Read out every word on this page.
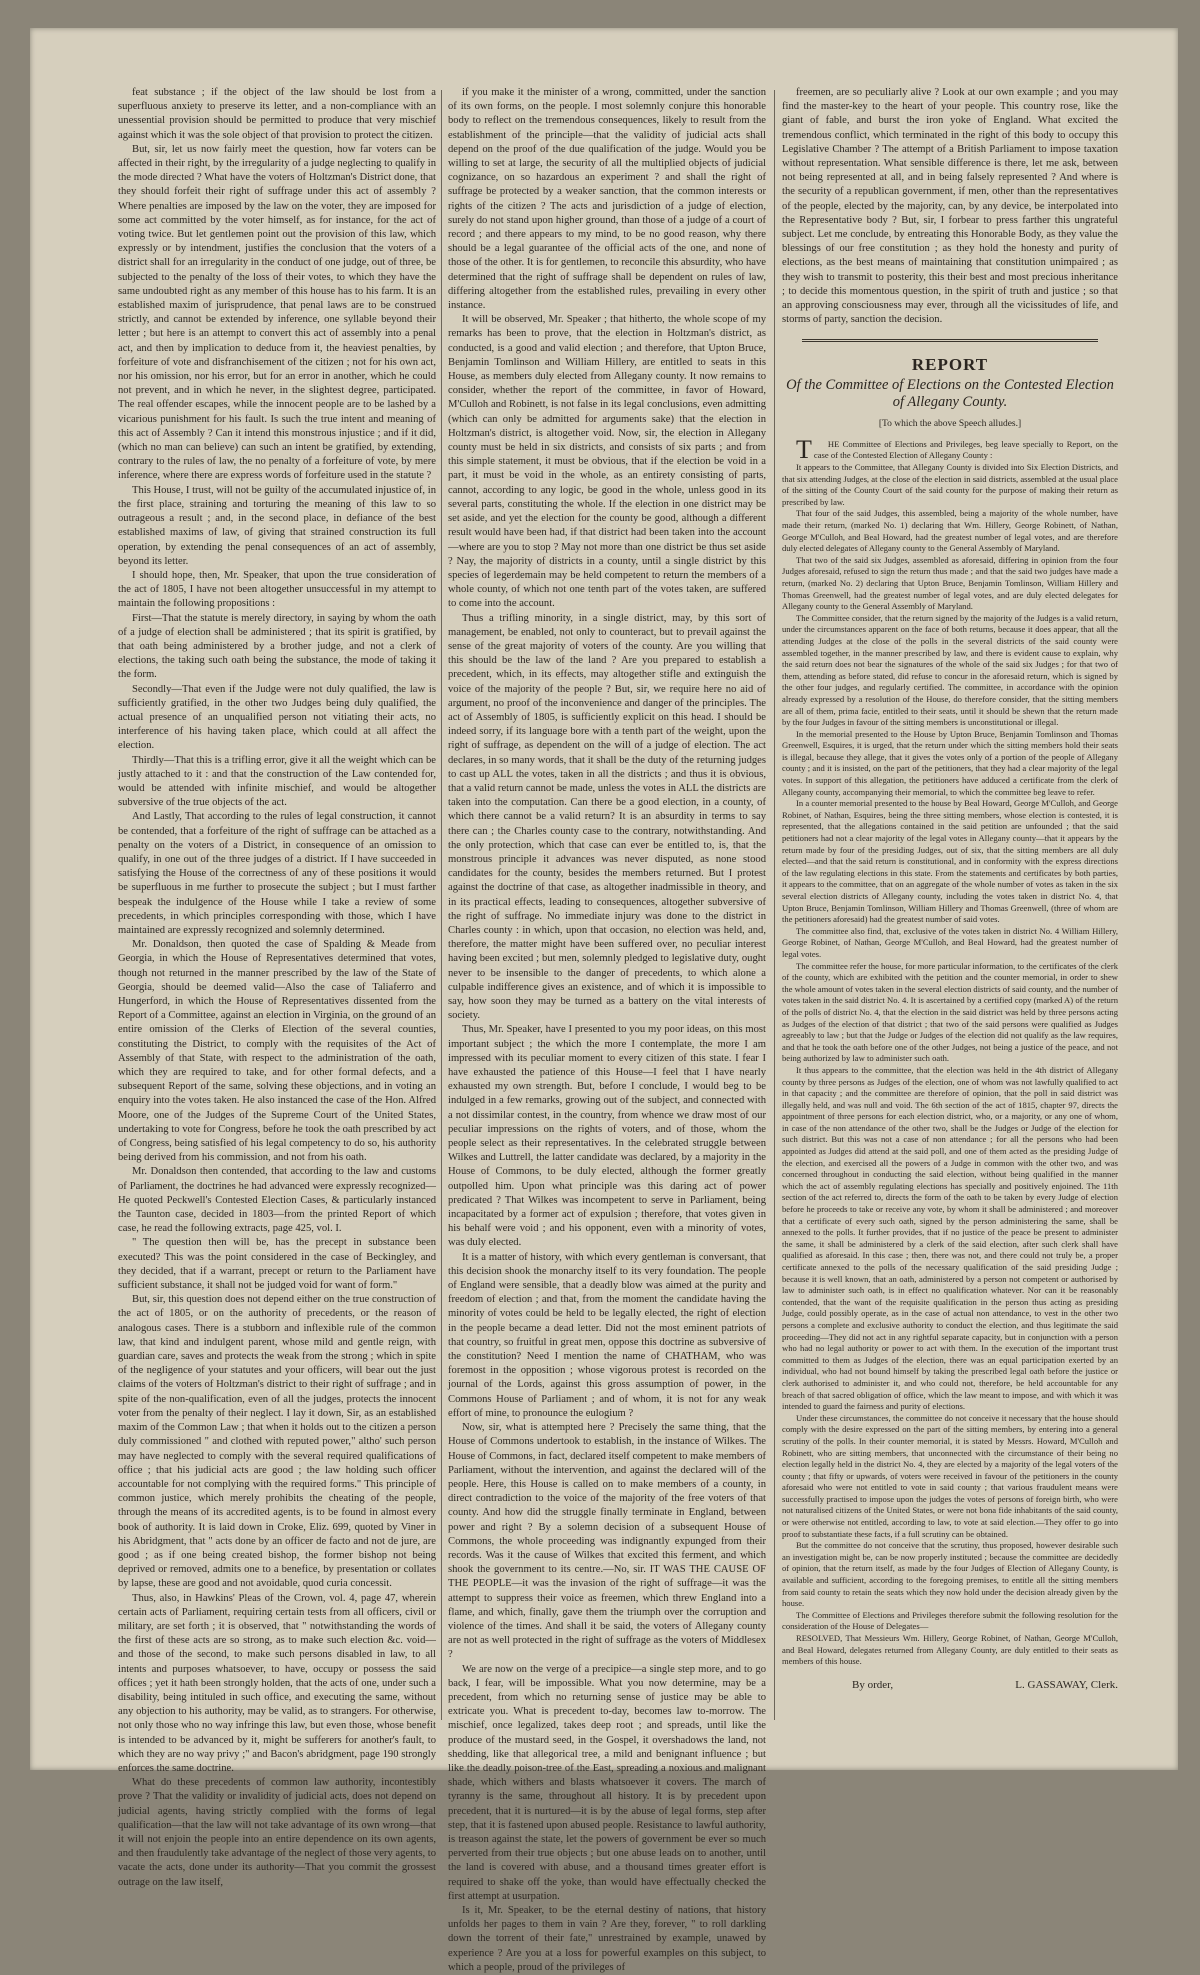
feat substance ; if the object of the law should be lost from a superfluous anxiety to preserve its letter, and a non-compliance with an unessential provision should be permitted to produce that very mischief against which it was the sole object of that provision to protect the citizen.

But, sir, let us now fairly meet the question, how far voters can be affected in their right, by the irregularity of a judge neglecting to qualify in the mode directed ? What have the voters of Holtzman's District done, that they should forfeit their right of suffrage under this act of assembly ? Where penalties are imposed by the law on the voter, they are imposed for some act committed by the voter himself, as for instance, for the act of voting twice. But let gentlemen point out the provision of this law, which expressly or by intendment, justifies the conclusion that the voters of a district shall for an irregularity in the conduct of one judge, out of three, be subjected to the penalty of the loss of their votes, to which they have the same undoubted right as any member of this house has to his farm. It is an established maxim of jurisprudence, that penal laws are to be construed strictly, and cannot be extended by inference, one syllable beyond their letter ; but here is an attempt to convert this act of assembly into a penal act, and then by implication to deduce from it, the heaviest penalties, by forfeiture of vote and disfranchisement of the citizen ; not for his own act, nor his omission, nor his error, but for an error in another, which he could not prevent, and in which he never, in the slightest degree, participated. The real offender escapes, while the innocent people are to be lashed by a vicarious punishment for his fault. Is such the true intent and meaning of this act of Assembly ? Can it intend this monstrous injustice ; and if it did, (which no man can believe) can such an intent be gratified, by extending, contrary to the rules of law, the no penalty of a forfeiture of vote, by mere inference, where there are express words of forfeiture used in the statute ?

This House, I trust, will not be guilty of the accumulated injustice of, in the first place, straining and torturing the meaning of this law to so outrageous a result ; and, in the second place, in defiance of the best established maxims of law, of giving that strained construction its full operation, by extending the penal consequences of an act of assembly, beyond its letter.

I should hope, then, Mr. Speaker, that upon the true consideration of the act of 1805, I have not been altogether unsuccessful in my attempt to maintain the following propositions :

First—That the statute is merely directory, in saying by whom the oath of a judge of election shall be administered ; that its spirit is gratified, by that oath being administered by a brother judge, and not a clerk of elections, the taking such oath being the substance, the mode of taking it the form.

Secondly—That even if the Judge were not duly qualified, the law is sufficiently gratified, in the other two Judges being duly qualified, the actual presence of an unqualified person not vitiating their acts, no interference of his having taken place, which could at all affect the election.

Thirdly—That this is a trifling error, give it all the weight which can be justly attached to it : and that the construction of the Law contended for, would be attended with infinite mischief, and would be altogether subversive of the true objects of the act.

And Lastly, That according to the rules of legal construction, it cannot be contended, that a forfeiture of the right of suffrage can be attached as a penalty on the voters of a District, in consequence of an omission to qualify, in one out of the three judges of a district. If I have succeeded in satisfying the House of the correctness of any of these positions it would be superfluous in me further to prosecute the subject ; but I must farther bespeak the indulgence of the House while I take a review of some precedents, in which principles corresponding with those, which I have maintained are expressly recognized and solemnly determined.

Mr. Donaldson, then quoted the case of Spalding & Meade from Georgia, in which the House of Representatives determined that votes, though not returned in the manner prescribed by the law of the State of Georgia, should be deemed valid—Also the case of Taliaferro and Hungerford, in which the House of Representatives dissented from the Report of a Committee, against an election in Virginia, on the ground of an entire omission of the Clerks of Election of the several counties, constituting the District, to comply with the requisites of the Act of Assembly of that State, with respect to the administration of the oath, which they are required to take, and for other formal defects, and a subsequent Report of the same, solving these objections, and in voting an enquiry into the votes taken. He also instanced the case of the Hon. Alfred Moore, one of the Judges of the Supreme Court of the United States, undertaking to vote for Congress, before he took the oath prescribed by act of Congress, being satisfied of his legal competency to do so, his authority being derived from his commission, and not from his oath.

Mr. Donaldson then contended, that according to the law and customs of Parliament, the doctrines he had advanced were expressly recognized—He quoted Peckwell's Contested Election Cases, & particularly instanced the Taunton case, decided in 1803—from the printed Report of which case, he read the following extracts, page 425, vol. I.

" The question then will be, has the precept in substance been executed? This was the point considered in the case of Beckingley, and they decided, that if a warrant, precept or return to the Parliament have sufficient substance, it shall not be judged void for want of form."

But, sir, this question does not depend either on the true construction of the act of 1805, or on the authority of precedents, or the reason of analogous cases. There is a stubborn and inflexible rule of the common law, that kind and indulgent parent, whose mild and gentle reign, with guardian care, saves and protects the weak from the strong ; which in spite of the negligence of your statutes and your officers, will bear out the just claims of the voters of Holtzman's district to their right of suffrage ; and in spite of the non-qualification, even of all the judges, protects the innocent voter from the penalty of their neglect. I lay it down, Sir, as an established maxim of the Common Law ; that when it holds out to the citizen a person duly commissioned " and clothed with reputed power," altho' such person may have neglected to comply with the several required qualifications of office ; that his judicial acts are good ; the law holding such officer accountable for not complying with the required forms." This principle of common justice, which merely prohibits the cheating of the people, through the means of its accredited agents, is to be found in almost every book of authority. It is laid down in Croke, Eliz. 699, quoted by Viner in his Abridgment, that " acts done by an officer de facto and not de jure, are good ; as if one being created bishop, the former bishop not being deprived or removed, admits one to a benefice, by presentation or collates by lapse, these are good and not avoidable, quod curia concessit.

Thus, also, in Hawkins' Pleas of the Crown, vol. 4, page 47, wherein certain acts of Parliament, requiring certain tests from all officers, civil or military, are set forth ; it is observed, that " notwithstanding the words of the first of these acts are so strong, as to make such election &c. void—and those of the second, to make such persons disabled in law, to all intents and purposes whatsoever, to have, occupy or possess the said offices ; yet it hath been strongly holden, that the acts of one, under such a disability, being intituled in such office, and executing the same, without any objection to his authority, may be valid, as to strangers. For otherwise, not only those who no way infringe this law, but even those, whose benefit is intended to be advanced by it, might be sufferers for another's fault, to which they are no way privy ;" and Bacon's abridgment, page 190 strongly enforces the same doctrine.

What do these precedents of common law authority, incontestibly prove ? That the validity or invalidity of judicial acts, does not depend on judicial agents, having strictly complied with the forms of legal qualification—that the law will not take advantage of its own wrong—that it will not enjoin the people into an entire dependence on its own agents, and then fraudulently take advantage of the neglect of those very agents, to vacate the acts, done under its authority—That you commit the grossest outrage on the law itself,

if you make it the minister of a wrong, committed, under the sanction of its own forms, on the people. I most solemnly conjure this honorable body to reflect on the tremendous consequences, likely to result from the establishment of the principle—that the validity of judicial acts shall depend on the proof of the due qualification of the judge. Would you be willing to set at large, the security of all the multiplied objects of judicial cognizance, on so hazardous an experiment ? and shall the right of suffrage be protected by a weaker sanction, that the common interests or rights of the citizen ? The acts and jurisdiction of a judge of election, surely do not stand upon higher ground, than those of a judge of a court of record ; and there appears to my mind, to be no good reason, why there should be a legal guarantee of the official acts of the one, and none of those of the other. It is for gentlemen, to reconcile this absurdity, who have determined that the right of suffrage shall be dependent on rules of law, differing altogether from the established rules, prevailing in every other instance.

It will be observed, Mr. Speaker ; that hitherto, the whole scope of my remarks has been to prove, that the election in Holtzman's district, as conducted, is a good and valid election ; and therefore, that Upton Bruce, Benjamin Tomlinson and William Hillery, are entitled to seats in this House, as members duly elected from Allegany county. It now remains to consider, whether the report of the committee, in favor of Howard, M'Culloh and Robinett, is not false in its legal conclusions, even admitting (which can only be admitted for arguments sake) that the election in Holtzman's district, is altogether void. Now, sir, the election in Allegany county must be held in six districts, and consists of six parts ; and from this simple statement, it must be obvious, that if the election be void in a part, it must be void in the whole, as an entirety consisting of parts, cannot, according to any logic, be good in the whole, unless good in its several parts, constituting the whole. If the election in one district may be set aside, and yet the election for the county be good, although a different result would have been had, if that district had been taken into the account—where are you to stop ? May not more than one district be thus set aside ? Nay, the majority of districts in a county, until a single district by this species of legerdemain may be held competent to return the members of a whole county, of which not one tenth part of the votes taken, are suffered to come into the account.

Thus a trifling minority, in a single district, may, by this sort of management, be enabled, not only to counteract, but to prevail against the sense of the great majority of voters of the county. Are you willing that this should be the law of the land ? Are you prepared to establish a precedent, which, in its effects, may altogether stifle and extinguish the voice of the majority of the people ? But, sir, we require here no aid of argument, no proof of the inconvenience and danger of the principles. The act of Assembly of 1805, is sufficiently explicit on this head. I should be indeed sorry, if its language bore with a tenth part of the weight, upon the right of suffrage, as dependent on the will of a judge of election. The act declares, in so many words, that it shall be the duty of the returning judges to cast up ALL the votes, taken in all the districts ; and thus it is obvious, that a valid return cannot be made, unless the votes in ALL the districts are taken into the computation. Can there be a good election, in a county, of which there cannot be a valid return? It is an absurdity in terms to say there can ; the Charles county case to the contrary, notwithstanding. And the only protection, which that case can ever be entitled to, is, that the monstrous principle it advances was never disputed, as none stood candidates for the county, besides the members returned. But I protest against the doctrine of that case, as altogether inadmissible in theory, and in its practical effects, leading to consequences, altogether subversive of the right of suffrage. No immediate injury was done to the district in Charles county : in which, upon that occasion, no election was held, and, therefore, the matter might have been suffered over, no peculiar interest having been excited ; but men, solemnly pledged to legislative duty, ought never to be insensible to the danger of precedents, to which alone a culpable indifference gives an existence, and of which it is impossible to say, how soon they may be turned as a battery on the vital interests of society.

Thus, Mr. Speaker, have I presented to you my poor ideas, on this most important subject ; the which the more I contemplate, the more I am impressed with its peculiar moment to every citizen of this state. I fear I have exhausted the patience of this House—I feel that I have nearly exhausted my own strength. But, before I conclude, I would beg to be indulged in a few remarks, growing out of the subject, and connected with a not dissimilar contest, in the country, from whence we draw most of our peculiar impressions on the rights of voters, and of those, whom the people select as their representatives. In the celebrated struggle between Wilkes and Luttrell, the latter candidate was declared, by a majority in the House of Commons, to be duly elected, although the former greatly outpolled him. Upon what principle was this daring act of power predicated ? That Wilkes was incompetent to serve in Parliament, being incapacitated by a former act of expulsion ; therefore, that votes given in his behalf were void ; and his opponent, even with a minority of votes, was duly elected.

It is a matter of history, with which every gentleman is conversant, that this decision shook the monarchy itself to its very foundation. The people of England were sensible, that a deadly blow was aimed at the purity and freedom of election ; and that, from the moment the candidate having the minority of votes could be held to be legally elected, the right of election in the people became a dead letter. Did not the most eminent patriots of that country, so fruitful in great men, oppose this doctrine as subversive of the constitution? Need I mention the name of CHATHAM, who was foremost in the opposition ; whose vigorous protest is recorded on the journal of the Lords, against this gross assumption of power, in the Commons House of Parliament ; and of whom, it is not for any weak effort of mine, to pronounce the eulogium ?

Now, sir, what is attempted here ? Precisely the same thing, that the House of Commons undertook to establish, in the instance of Wilkes. The House of Commons, in fact, declared itself competent to make members of Parliament, without the intervention, and against the declared will of the people. Here, this House is called on to make members of a county, in direct contradiction to the voice of the majority of the free voters of that county. And how did the struggle finally terminate in England, between power and right ? By a solemn decision of a subsequent House of Commons, the whole proceeding was indignantly expunged from their records. Was it the cause of Wilkes that excited this ferment, and which shook the government to its centre.—No, sir. IT WAS THE CAUSE OF THE PEOPLE—it was the invasion of the right of suffrage—it was the attempt to suppress their voice as freemen, which threw England into a flame, and which, finally, gave them the triumph over the corruption and violence of the times. And shall it be said, the voters of Allegany county are not as well protected in the right of suffrage as the voters of Middlesex ?

We are now on the verge of a precipice—a single step more, and to go back, I fear, will be impossible. What you now determine, may be a precedent, from which no returning sense of justice may be able to extricate you. What is precedent to-day, becomes law to-morrow. The mischief, once legalized, takes deep root ; and spreads, until like the produce of the mustard seed, in the Gospel, it overshadows the land, not shedding, like that allegorical tree, a mild and benignant influence ; but like the deadly poison-tree of the East, spreading a noxious and malignant shade, which withers and blasts whatsoever it covers. The march of tyranny is the same, throughout all history. It is by precedent upon precedent, that it is nurtured—it is by the abuse of legal forms, step after step, that it is fastened upon abused people. Resistance to lawful authority, is treason against the state, let the powers of government be ever so much perverted from their true objects ; but one abuse leads on to another, until the land is covered with abuse, and a thousand times greater effort is required to shake off the yoke, than would have effectually checked the first attempt at usurpation.

Is it, Mr. Speaker, to be the eternal destiny of nations, that history unfolds her pages to them in vain ? Are they, forever, " to roll darkling down the torrent of their fate," unrestrained by example, unawed by experience ? Are you at a loss for powerful examples on this subject, to which a people, proud of the privileges of

freemen, are so peculiarly alive ? Look at our own example ; and you may find the master-key to the heart of your people. This country rose, like the giant of fable, and burst the iron yoke of England. What excited the tremendous conflict, which terminated in the right of this body to occupy this Legislative Chamber ? The attempt of a British Parliament to impose taxation without representation. What sensible difference is there, let me ask, between not being represented at all, and in being falsely represented ? And where is the security of a republican government, if men, other than the representatives of the people, elected by the majority, can, by any device, be interpolated into the Representative body ? But, sir, I forbear to press farther this ungrateful subject. Let me conclude, by entreating this Honorable Body, as they value the blessings of our free constitution ; as they hold the honesty and purity of elections, as the best means of maintaining that constitution unimpaired ; as they wish to transmit to posterity, this their best and most precious inheritance ; to decide this momentous question, in the spirit of truth and justice ; so that an approving consciousness may ever, through all the vicissitudes of life, and storms of party, sanction the decision.

REPORT
Of the Committee of Elections on the Contested Election of Allegany County.
[To which the above Speech alludes.]

THE Committee of Elections and Privileges, beg leave specially to Report, on the case of the Contested Election of Allegany County :

It appears to the Committee, that Allegany County is divided into Six Election Districts, and that six attending Judges, at the close of the election in said districts, assembled at the usual place of the sitting of the County Court of the said county for the purpose of making their return as prescribed by law.

That four of the said Judges, this assembled, being a majority of the whole number, have made their return, (marked No. 1) declaring that Wm. Hillery, George Robinett, of Nathan, George M'Culloh, and Beal Howard, had the greatest number of legal votes, and are therefore duly elected delegates of Allegany county to the General Assembly of Maryland.

That two of the said six Judges, assembled as aforesaid, differing in opinion from the four Judges aforesaid, refused to sign the return thus made ; and that the said two judges have made a return, (marked No. 2) declaring that Upton Bruce, Benjamin Tomlinson, William Hillery and Thomas Greenwell, had the greatest number of legal votes, and are duly elected delegates for Allegany county to the General Assembly of Maryland.

The Committee consider, that the return signed by the majority of the Judges is a valid return, under the circumstances apparent on the face of both returns, because it does appear, that all the attending Judges at the close of the polls in the several districts of the said county were assembled together, in the manner prescribed by law, and there is evident cause to explain, why the said return does not bear the signatures of the whole of the said six Judges ; for that two of them, attending as before stated, did refuse to concur in the aforesaid return, which is signed by the other four judges, and regularly certified. The committee, in accordance with the opinion already expressed by a resolution of the House, do therefore consider, that the sitting members are all of them, prima facie, entitled to their seats, until it should be shewn that the return made by the four Judges in favour of the sitting members is unconstitutional or illegal.

In the memorial presented to the House by Upton Bruce, Benjamin Tomlinson and Thomas Greenwell, Esquires, it is urged, that the return under which the sitting members hold their seats is illegal, because they allege, that it gives the votes only of a portion of the people of Allegany county ; and it is insisted, on the part of the petitioners, that they had a clear majority of the legal votes. In support of this allegation, the petitioners have adduced a certificate from the clerk of Allegany county, accompanying their memorial, to which the committee beg leave to refer.

In a counter memorial presented to the house by Beal Howard, George M'Culloh, and George Robinet, of Nathan, Esquires, being the three sitting members, whose election is contested, it is represented, that the allegations contained in the said petition are unfounded ; that the said petitioners had not a clear majority of the legal votes in Allegany county—that it appears by the return made by four of the presiding Judges, out of six, that the sitting members are all duly elected—and that the said return is constitutional, and in conformity with the express directions of the law regulating elections in this state. From the statements and certificates by both parties, it appears to the committee, that on an aggregate of the whole number of votes as taken in the six several election districts of Allegany county, including the votes taken in district No. 4, that Upton Bruce, Benjamin Tomlinson, William Hillery and Thomas Greenwell, (three of whom are the petitioners aforesaid) had the greatest number of said votes.

The committee also find, that, exclusive of the votes taken in district No. 4 William Hillery, George Robinet, of Nathan, George M'Culloh, and Beal Howard, had the greatest number of legal votes.

The committee refer the house, for more particular information, to the certificates of the clerk of the county, which are exhibited with the petition and the counter memorial, in order to shew the whole amount of votes taken in the several election districts of said county, and the number of votes taken in the said district No. 4. It is ascertained by a certified copy (marked A) of the return of the polls of district No. 4, that the election in the said district was held by three persons acting as Judges of the election of that district ; that two of the said persons were qualified as Judges agreeably to law ; but that the Judge or Judges of the election did not qualify as the law requires, and that he took the oath before one of the other Judges, not being a justice of the peace, and not being authorized by law to administer such oath.

It thus appears to the committee, that the election was held in the 4th district of Allegany county by three persons as Judges of the election, one of whom was not lawfully qualified to act in that capacity ; and the committee are therefore of opinion, that the poll in said district was illegally held, and was null and void. The 6th section of the act of 1815, chapter 97, directs the appointment of three persons for each election district, who, or a majority, or any one of whom, in case of the non attendance of the other two, shall be the Judges or Judge of the election for such district. But this was not a case of non attendance ; for all the persons who had been appointed as Judges did attend at the said poll, and one of them acted as the presiding Judge of the election, and exercised all the powers of a Judge in common with the other two, and was concerned throughout in conducting the said election, without being qualified in the manner which the act of assembly regulating elections has specially and positively enjoined. The 11th section of the act referred to, directs the form of the oath to be taken by every Judge of election before he proceeds to take or receive any vote, by whom it shall be administered ; and moreover that a certificate of every such oath, signed by the person administering the same, shall be annexed to the polls. It further provides, that if no justice of the peace be present to administer the same, it shall be administered by a clerk of the said election, after such clerk shall have qualified as aforesaid. In this case ; then, there was not, and there could not truly be, a proper certificate annexed to the polls of the necessary qualification of the said presiding Judge ; because it is well known, that an oath, administered by a person not competent or authorised by law to administer such oath, is in effect no qualification whatever. Nor can it be reasonably contended, that the want of the requisite qualification in the person thus acting as presiding Judge, could possibly operate, as in the case of actual non attendance, to vest in the other two persons a complete and exclusive authority to conduct the election, and thus legitimate the said proceeding—They did not act in any rightful separate capacity, but in conjunction with a person who had no legal authority or power to act with them. In the execution of the important trust committed to them as Judges of the election, there was an equal participation exerted by an individual, who had not bound himself by taking the prescribed legal oath before the justice or clerk authorised to administer it, and who could not, therefore, be held accountable for any breach of that sacred obligation of office, which the law meant to impose, and with which it was intended to guard the fairness and purity of elections.

Under these circumstances, the committee do not conceive it necessary that the house should comply with the desire expressed on the part of the sitting members, by entering into a general scrutiny of the polls. In their counter memorial, it is stated by Messrs. Howard, M'Culloh and Robinett, who are sitting members, that unconnected with the circumstance of their being no election legally held in the district No. 4, they are elected by a majority of the legal voters of the county ; that fifty or upwards, of voters were received in favour of the petitioners in the county aforesaid who were not entitled to vote in said county ; that various fraudulent means were successfully practised to impose upon the judges the votes of persons of foreign birth, who were not naturalised citizens of the United States, or were not bona fide inhabitants of the said county, or were otherwise not entitled, according to law, to vote at said election.—They offer to go into proof to substantiate these facts, if a full scrutiny can be obtained.

But the committee do not conceive that the scrutiny, thus proposed, however desirable such an investigation might be, can be now properly instituted ; because the committee are decidedly of opinion, that the return itself, as made by the four Judges of Election of Allegany County, is available and sufficient, according to the foregoing premises, to entitle all the sitting members from said county to retain the seats which they now hold under the decision already given by the house.

The Committee of Elections and Privileges therefore submit the following resolution for the consideration of the House of Delegates—

RESOLVED, That Messieurs Wm. Hillery, George Robinet, of Nathan, George M'Culloh, and Beal Howard, delegates returned from Allegany County, are duly entitled to their seats as members of this house.

By order,	L. GASSAWAY, Clerk.
